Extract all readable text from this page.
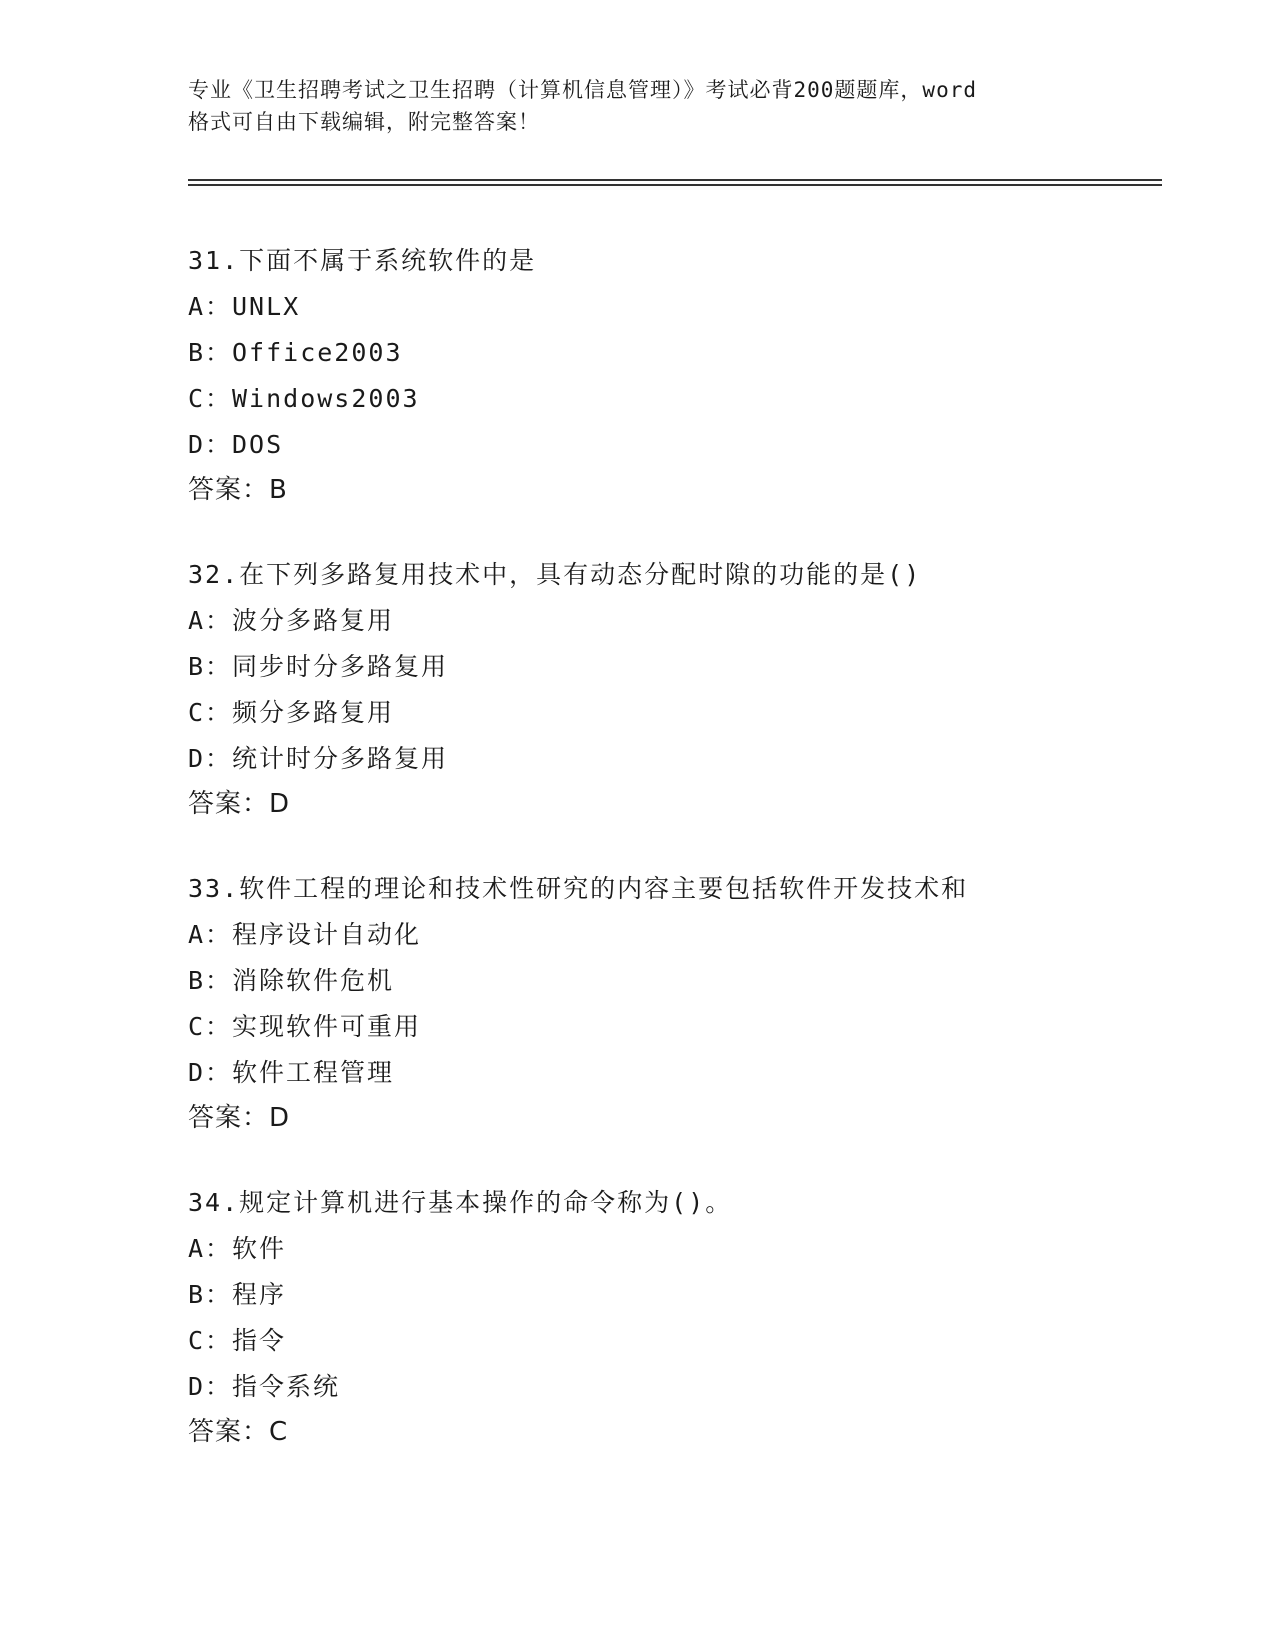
专业《卫生招聘考试之卫生招聘（计算机信息管理）》考试必背200题题库，word
格式可自由下载编辑，附完整答案！
31.下面不属于系统软件的是
A：UNLX
B：Office2003
C：Windows2003
D：DOS
答案：B
32.在下列多路复用技术中，具有动态分配时隙的功能的是()
A：波分多路复用
B：同步时分多路复用
C：频分多路复用
D：统计时分多路复用
答案：D
33.软件工程的理论和技术性研究的内容主要包括软件开发技术和
A：程序设计自动化
B：消除软件危机
C：实现软件可重用
D：软件工程管理
答案：D
34.规定计算机进行基本操作的命令称为()。
A：软件
B：程序
C：指令
D：指令系统
答案：C
